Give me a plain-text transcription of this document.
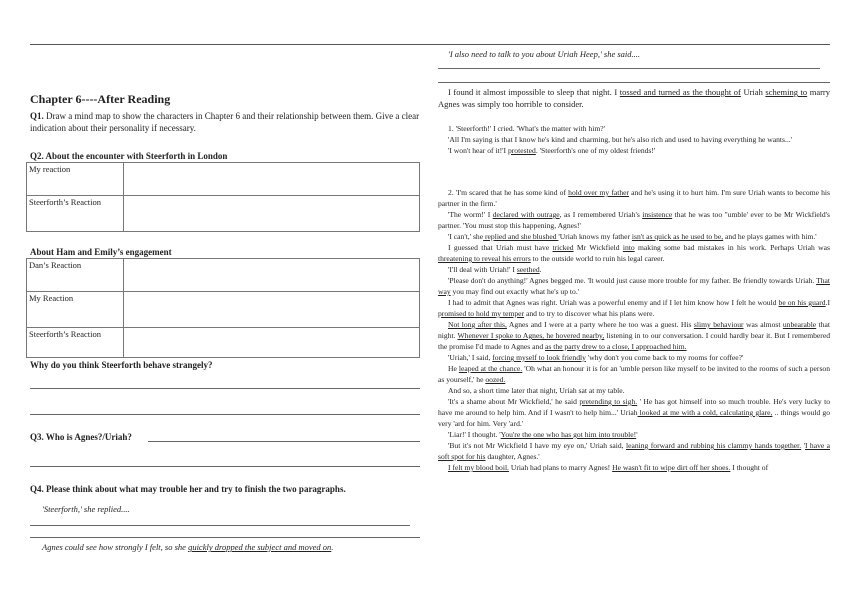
Chapter 6----After Reading
Q1. Draw a mind map to show the characters in Chapter 6 and their relationship between them. Give a clear indication about their personality if necessary.
Q2. About the encounter with Steerforth in London
My reaction	
Steerforth’s Reaction	
About Ham and Emily’s engagement
Dan’s Reaction	
My Reaction	
Steerforth’s Reaction	
Why do you think Steerforth behave strangely?
Q3. Who is Agnes?/Uriah?
Q4. Please think about what may trouble her and try to finish the two paragraphs.
'Steerforth,' she replied....
Agnes could see how strongly I felt, so she quickly dropped the subject and moved on.
'I also need to talk to you about Uriah Heep,' she said....
I found it almost impossible to sleep that night. I tossed and turned as the thought of Uriah scheming to marry Agnes was simply too horrible to consider.
1. 'Steerforth!' I cried. 'What's the matter with him?'
'All I'm saying is that I know he's kind and charming, but he's also rich and used to having everything he wants...'
'I won't hear of it!'I protested. 'Steerforth's one of my oldest friends!'
2. 'I'm scared that he has some kind of hold over my father and he's using it to hurt him. I'm sure Uriah wants to become his partner in the firm.'
'The worm!' I declared with outrage, as I remembered Uriah's insistence that he was too "umble' ever to be Mr Wickfield's partner. 'You must stop this happening, Agnes!'
'I can't,' she replied and she blushed 'Uriah knows my father isn't as quick as he used to be, and he plays games with him.'
I guessed that Uriah must have tricked Mr Wickfield into making some bad mistakes in his work. Perhaps Uriah was threatening to reveal his errors to the outside world to ruin his legal career.
'I'll deal with Uriah!' I seethed.
'Please don't do anything!' Agnes begged me. 'It would just cause more trouble for my father. Be friendly towards Uriah. That way you may find out exactly what he's up to.'
I had to admit that Agnes was right. Uriah was a powerful enemy and if I let him know how I felt he would be on his guard.I promised to hold my temper and to try to discover what his plans were.
Not long after this, Agnes and I were at a party where he too was a guest. His slimy behaviour was almost unbearable that night. Whenever I spoke to Agnes, he hovered nearby, listening in to our conversation. I could hardly bear it. But I remembered the promise I'd made to Agnes and as the party drew to a close, I approached him.
'Uriah,' I said, forcing myself to look friendly 'why don't you come back to my rooms for coffee?'
He leaped at the chance. 'Oh what an honour it is for an 'umble person like myself to be invited to the rooms of such a person as yourself,' he oozed.
And so, a short time later that night, Uriah sat at my table.
'It's a shame about Mr Wickfield,' he said pretending to sigh. ' He has got himself into so much trouble. He's very lucky to have me around to help him. And if I wasn't to help him...' Uriah looked at me with a cold, calculating glare, .. things would go very 'ard for him. Very 'ard.'
'Liar!' I thought. 'You're the one who has got him into trouble!'
'But it's not Mr Wickfield I have my eye on,' Uriah said, leaning forward and rubbing his clammy hands together. 'I have a soft spot for his daughter, Agnes.'
I felt my blood boil. Uriah had plans to marry Agnes! He wasn't fit to wipe dirt off her shoes. I thought of
